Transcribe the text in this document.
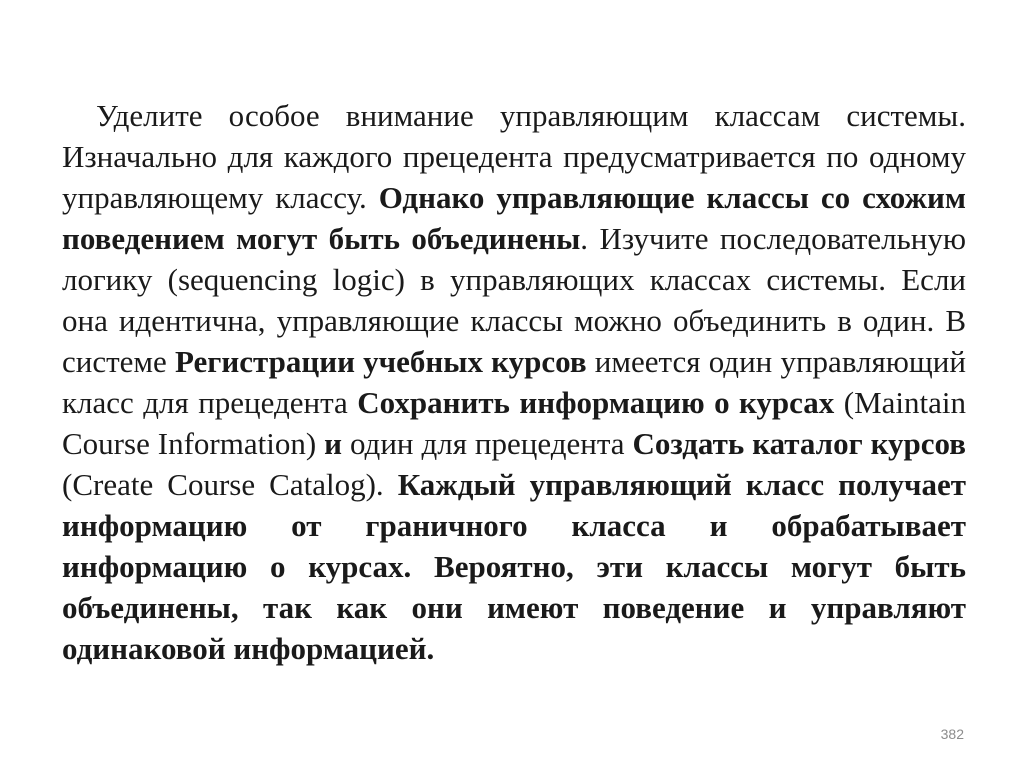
Уделите особое внимание управляющим классам системы. Изначально для каждого прецедента предусматривается по одному управляющему классу. Однако управляющие классы со схожим поведением могут быть объединены. Изучите последовательную логику (sequencing logic) в управляющих классах системы. Если она идентична, управляющие классы можно объединить в один. В системе Регистрации учебных курсов имеется один управляющий класс для прецедента Сохранить информацию о курсах (Maintain Course Information) и один для прецедента Создать каталог курсов (Create Course Catalog). Каждый управляющий класс получает информацию от граничного класса и обрабатывает информацию о курсах. Вероятно, эти классы могут быть объединены, так как они имеют поведение и управляют одинаковой информацией.

382
